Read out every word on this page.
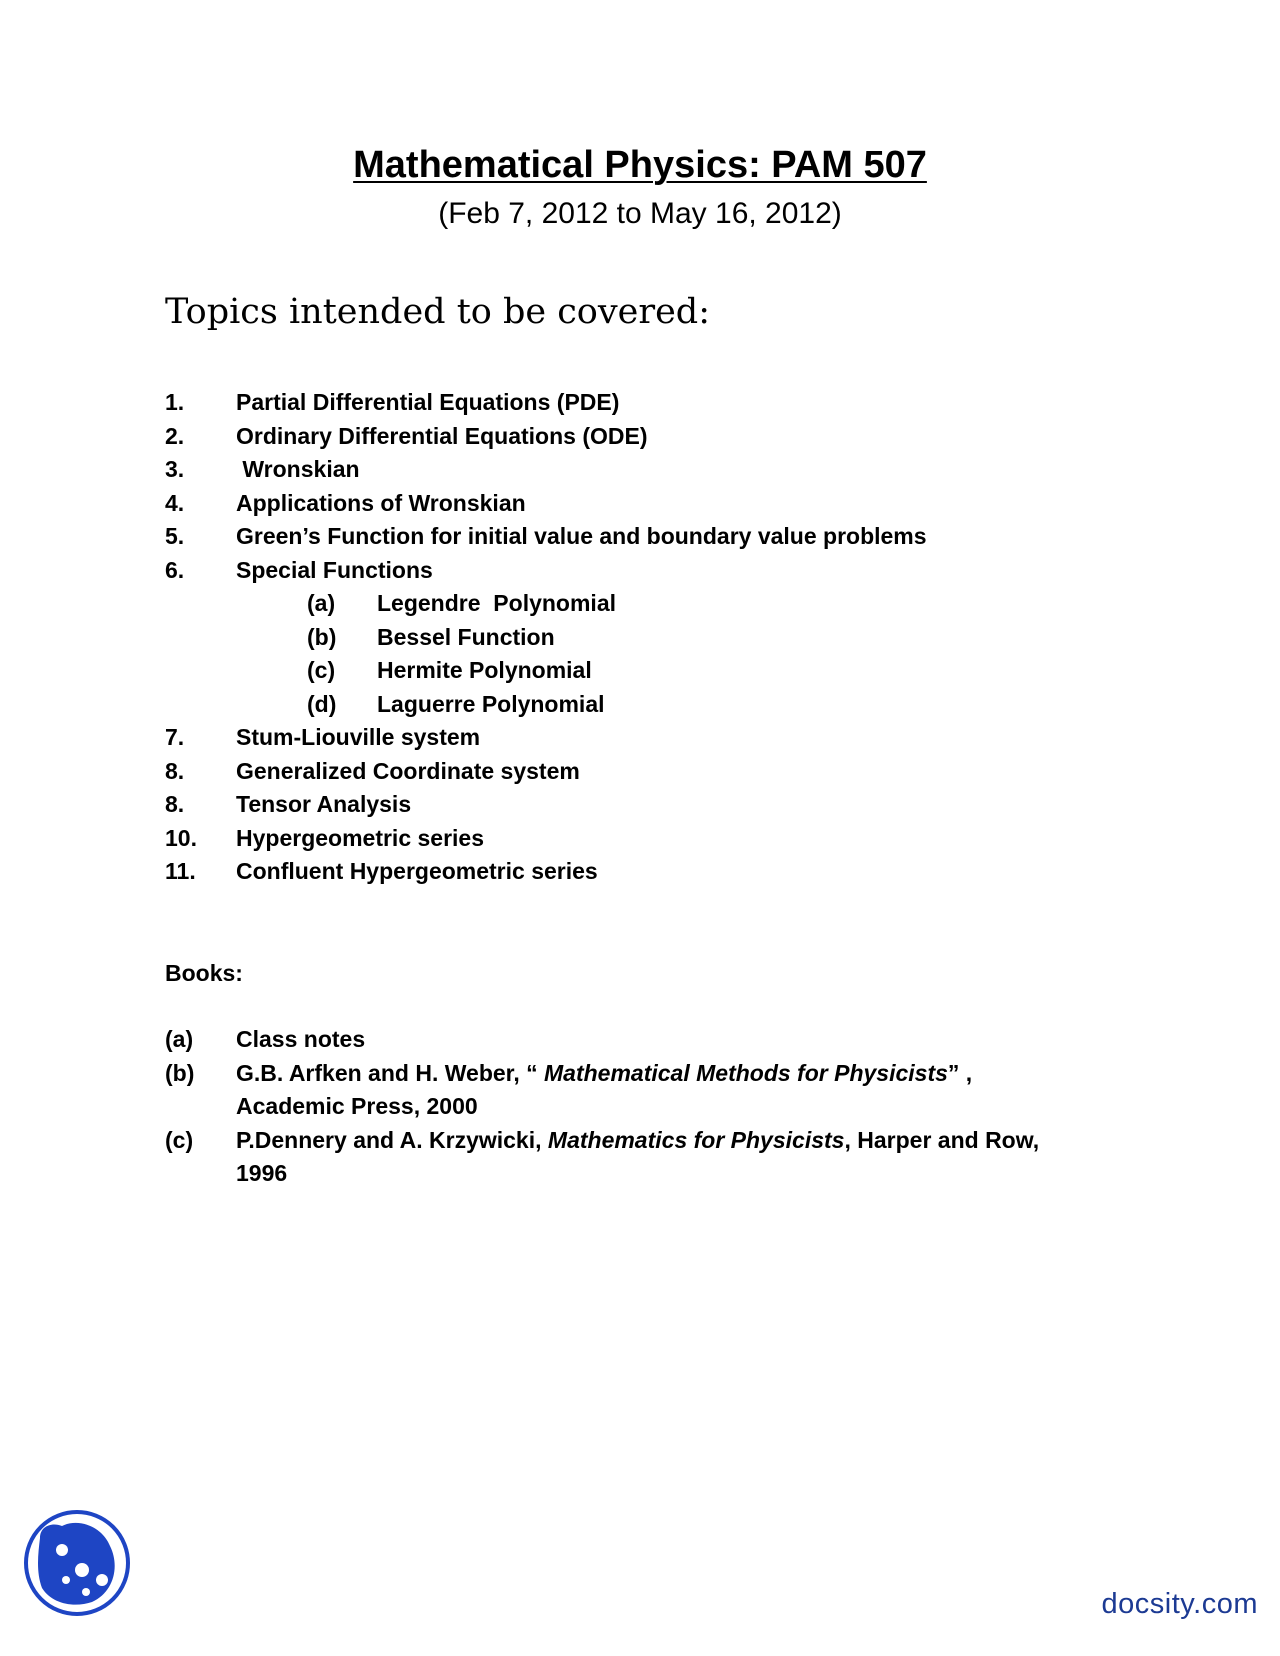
Mathematical Physics: PAM 507
(Feb 7, 2012 to May 16, 2012)
Topics intended to be covered:
1. Partial Differential Equations (PDE)
2. Ordinary Differential Equations (ODE)
3. Wronskian
4. Applications of Wronskian
5. Green’s Function for initial value and boundary value problems
6. Special Functions
(a) Legendre  Polynomial
(b) Bessel Function
(c) Hermite Polynomial
(d) Laguerre Polynomial
7. Stum-Liouville system
8. Generalized Coordinate system
8. Tensor Analysis
10. Hypergeometric series
11. Confluent Hypergeometric series
Books:
(a) Class notes
(b) G.B. Arfken and H. Weber, “ Mathematical Methods for Physicists” , Academic Press, 2000
(c) P.Dennery and A. Krzywicki, Mathematics for Physicists, Harper and Row, 1996
docsity.com
